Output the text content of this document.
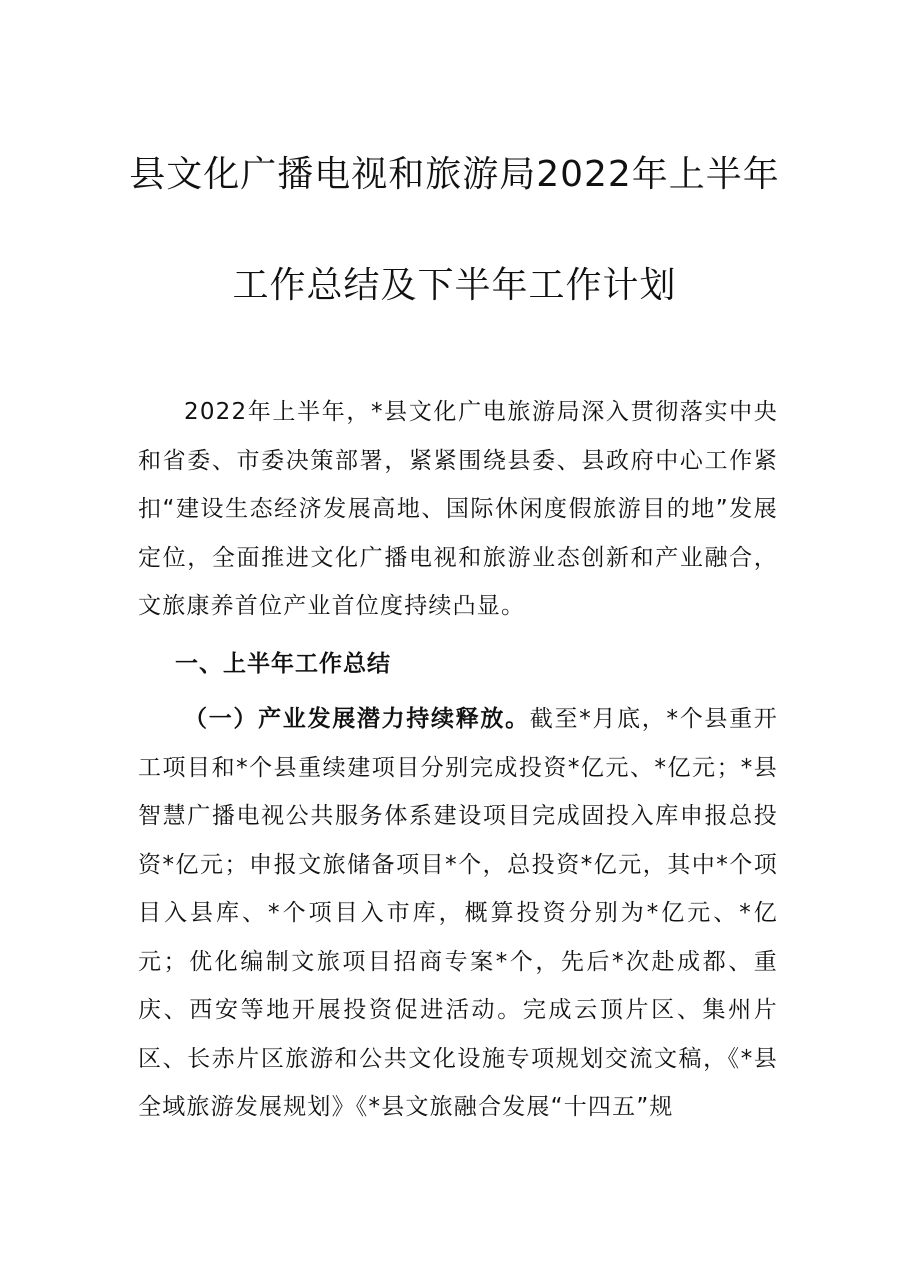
县文化广播电视和旅游局2022年上半年
工作总结及下半年工作计划

2022年上半年，*县文化广电旅游局深入贯彻落实中央和省委、市委决策部署，紧紧围绕县委、县政府中心工作紧扣“建设生态经济发展高地、国际休闲度假旅游目的地”发展定位，全面推进文化广播电视和旅游业态创新和产业融合，文旅康养首位产业首位度持续凸显。

一、上半年工作总结

（一）产业发展潜力持续释放。截至*月底，*个县重开工项目和*个县重续建项目分别完成投资*亿元、*亿元；*县智慧广播电视公共服务体系建设项目完成固投入库申报总投资*亿元；申报文旅储备项目*个，总投资*亿元，其中*个项目入县库、*个项目入市库，概算投资分别为*亿元、*亿元；优化编制文旅项目招商专案*个，先后*次赴成都、重庆、西安等地开展投资促进活动。完成云顶片区、集州片区、长赤片区旅游和公共文化设施专项规划交流文稿，《*县全域旅游发展规划》《*县文旅融合发展“十四五”规
